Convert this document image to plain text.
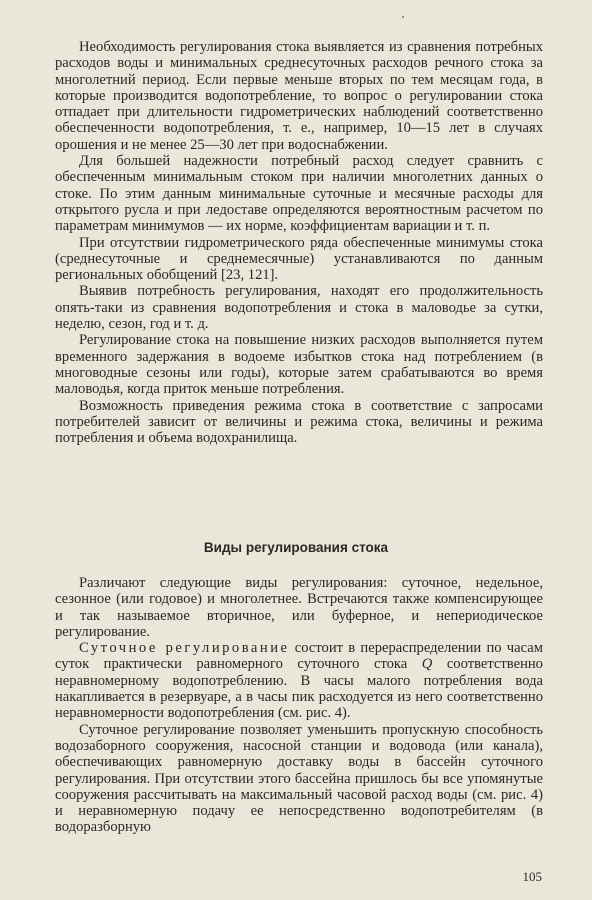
Необходимость регулирования стока выявляется из сравнения потребных расходов воды и минимальных среднесуточных расходов речного стока за многолетний период. Если первые меньше вторых по тем месяцам года, в которые производится водопотребление, то вопрос о регулировании стока отпадает при длительности гидрометрических наблюдений соответственно обеспеченности водопотребления, т. е., например, 10—15 лет в случаях орошения и не менее 25—30 лет при водоснабжении.

Для большей надежности потребный расход следует сравнить с обеспеченным минимальным стоком при наличии многолетних данных о стоке. По этим данным минимальные суточные и месячные расходы для открытого русла и при ледоставе определяются вероятностным расчетом по параметрам минимумов — их норме, коэффициентам вариации и т. п.

При отсутствии гидрометрического ряда обеспеченные минимумы стока (среднесуточные и среднемесячные) устанавливаются по данным региональных обобщений [23, 121].

Выявив потребность регулирования, находят его продолжительность опять-таки из сравнения водопотребления и стока в маловодье за сутки, неделю, сезон, год и т. д.

Регулирование стока на повышение низких расходов выполняется путем временного задержания в водоеме избытков стока над потреблением (в многоводные сезоны или годы), которые затем срабатываются во время маловодья, когда приток меньше потребления.

Возможность приведения режима стока в соответствие с запросами потребителей зависит от величины и режима стока, величины и режима потребления и объема водохранилища.

Виды регулирования стока

Различают следующие виды регулирования: суточное, недельное, сезонное (или годовое) и многолетнее. Встречаются также компенсирующее и так называемое вторичное, или буферное, и непериодическое регулирование.

Суточное регулирование состоит в перераспределении по часам суток практически равномерного суточного стока Q соответственно неравномерному водопотреблению. В часы малого потребления вода накапливается в резервуаре, а в часы пик расходуется из него соответственно неравномерности водопотребления (см. рис. 4).

Суточное регулирование позволяет уменьшить пропускную способность водозаборного сооружения, насосной станции и водовода (или канала), обеспечивающих равномерную доставку воды в бассейн суточного регулирования. При отсутствии этого бассейна пришлось бы все упомянутые сооружения рассчитывать на максимальный часовой расход воды (см. рис. 4) и неравномерную подачу ее непосредственно водопотребителям (в водоразборную

105
